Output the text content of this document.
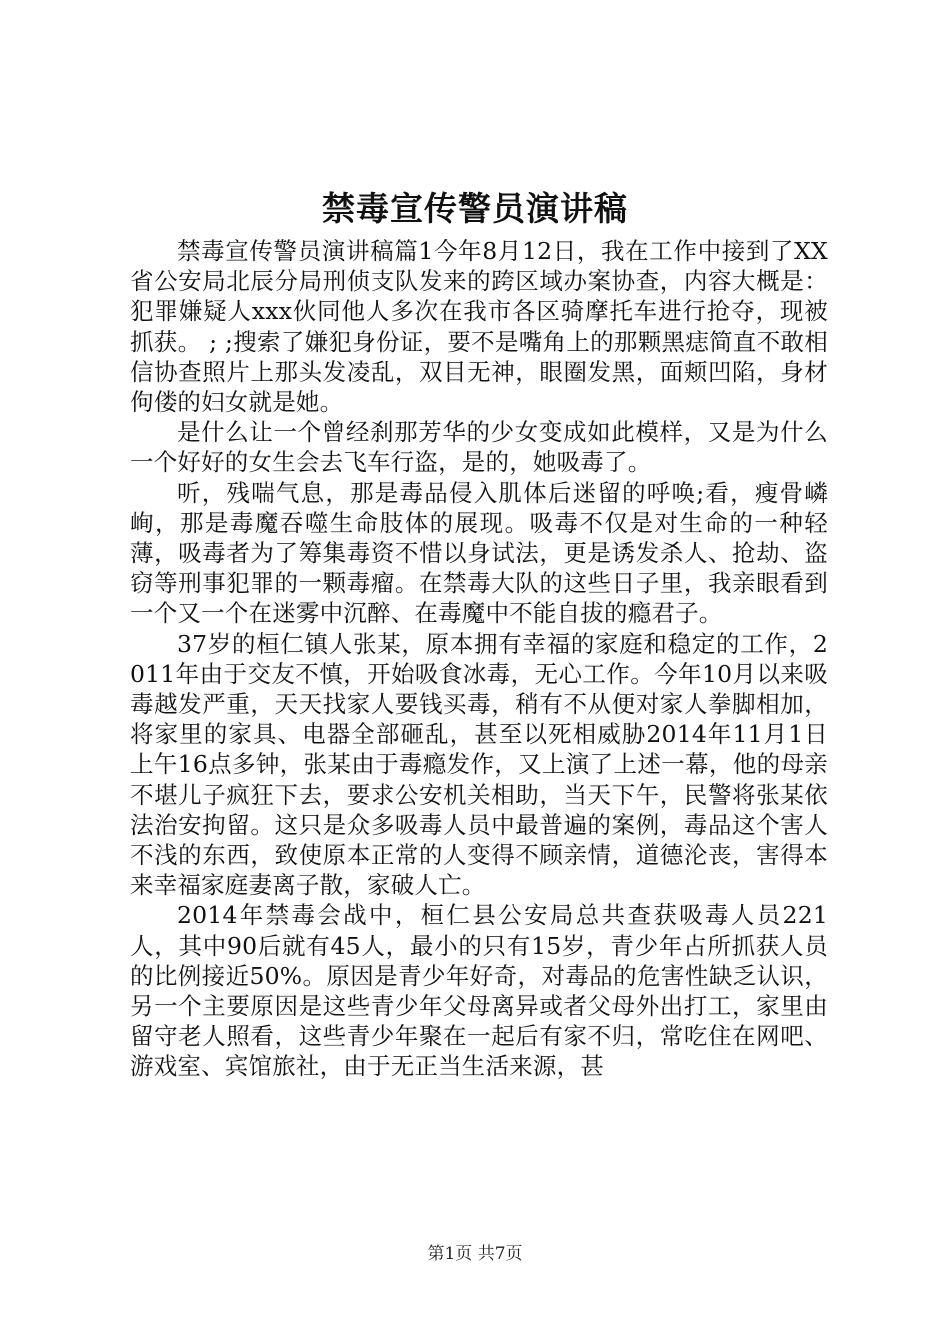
禁毒宣传警员演讲稿

禁毒宣传警员演讲稿篇1今年8月12日，我在工作中接到了XX省公安局北辰分局刑侦支队发来的跨区域办案协查，内容大概是：犯罪嫌疑人xxx伙同他人多次在我市各区骑摩托车进行抢夺，现被抓获。 ; ;搜索了嫌犯身份证，要不是嘴角上的那颗黑痣简直不敢相信协查照片上那头发凌乱，双目无神，眼圈发黑，面颊凹陷，身材佝偻的妇女就是她。

是什么让一个曾经刹那芳华的少女变成如此模样，又是为什么一个好好的女生会去飞车行盗，是的，她吸毒了。

听，残喘气息，那是毒品侵入肌体后迷留的呼唤;看，瘦骨嶙峋，那是毒魔吞噬生命肢体的展现。吸毒不仅是对生命的一种轻薄，吸毒者为了筹集毒资不惜以身试法，更是诱发杀人、抢劫、盗窃等刑事犯罪的一颗毒瘤。在禁毒大队的这些日子里，我亲眼看到一个又一个在迷雾中沉醉、在毒魔中不能自拔的瘾君子。

37岁的桓仁镇人张某，原本拥有幸福的家庭和稳定的工作，2011年由于交友不慎，开始吸食冰毒，无心工作。今年10月以来吸毒越发严重，天天找家人要钱买毒，稍有不从便对家人拳脚相加，将家里的家具、电器全部砸乱，甚至以死相威胁2014年11月1日上午16点多钟，张某由于毒瘾发作，又上演了上述一幕，他的母亲不堪儿子疯狂下去，要求公安机关相助，当天下午，民警将张某依法治安拘留。这只是众多吸毒人员中最普遍的案例，毒品这个害人不浅的东西，致使原本正常的人变得不顾亲情，道德沦丧，害得本来幸福家庭妻离子散，家破人亡。

2014年禁毒会战中，桓仁县公安局总共查获吸毒人员221人，其中90后就有45人，最小的只有15岁，青少年占所抓获人员的比例接近50%。原因是青少年好奇，对毒品的危害性缺乏认识，另一个主要原因是这些青少年父母离异或者父母外出打工，家里由留守老人照看，这些青少年聚在一起后有家不归，常吃住在网吧、游戏室、宾馆旅社，由于无正当生活来源，甚

第1页 共7页
